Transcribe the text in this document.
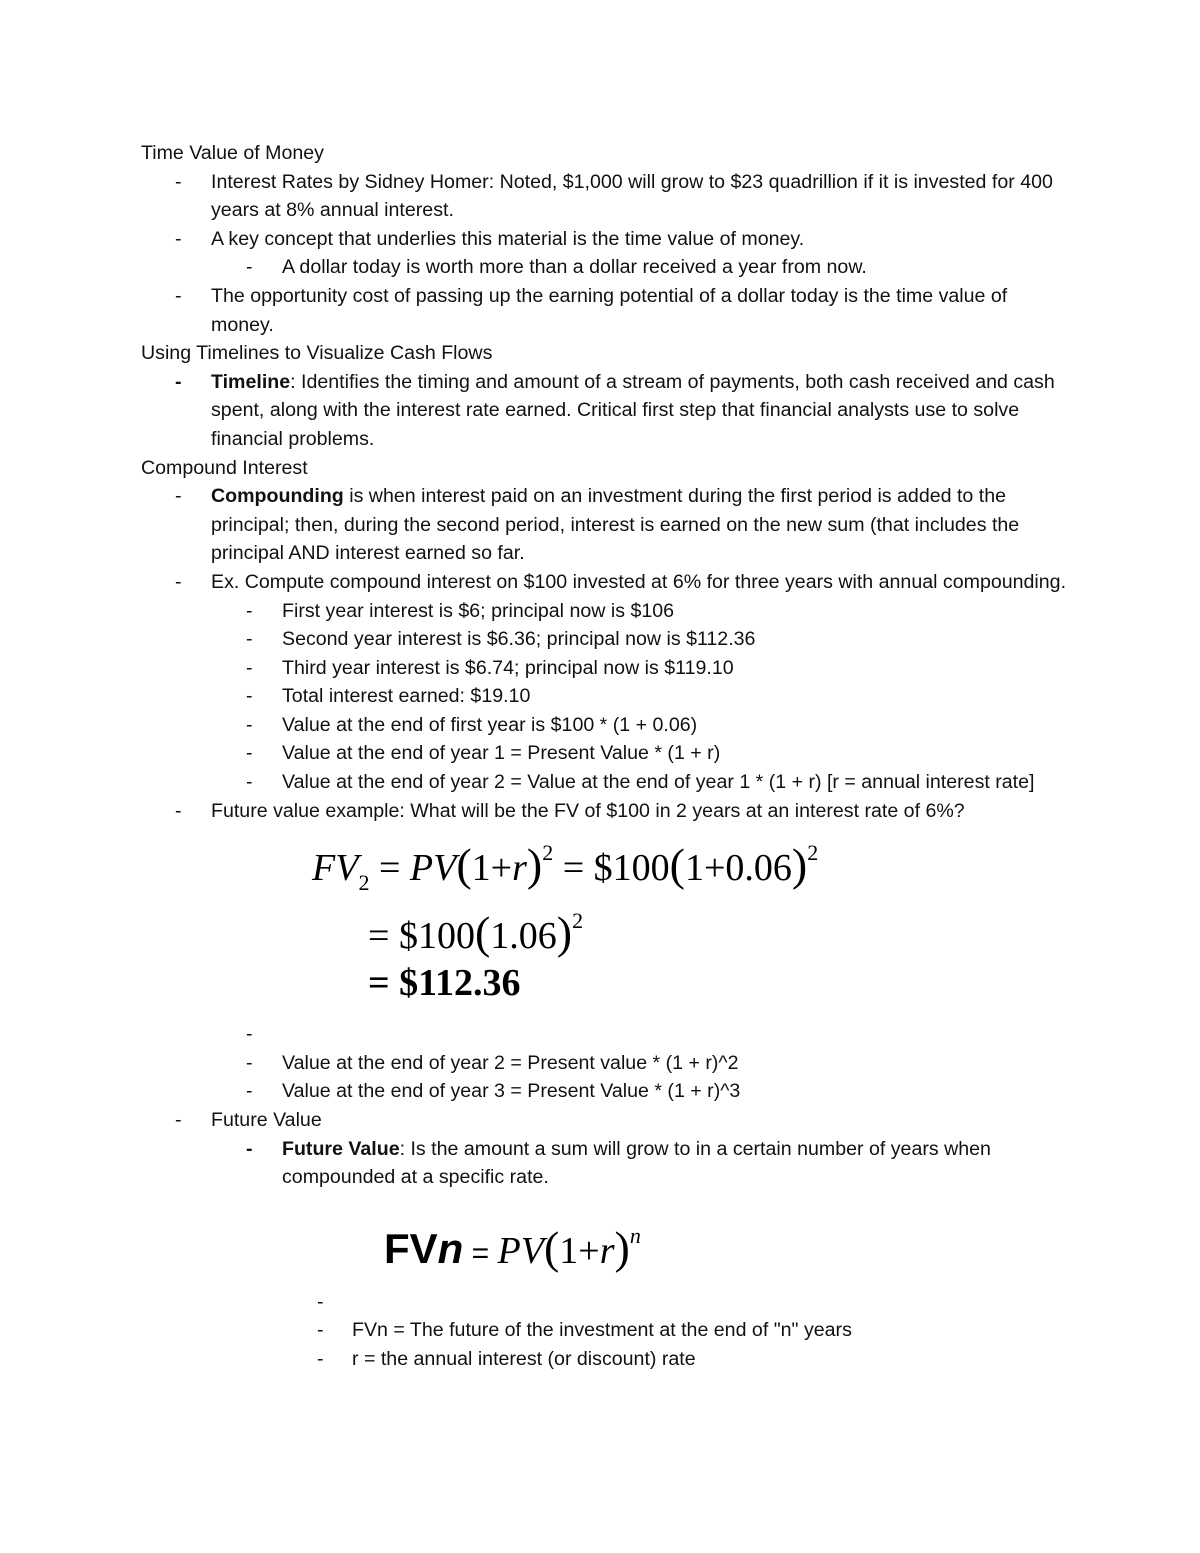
Time Value of Money

- Interest Rates by Sidney Homer: Noted, $1,000 will grow to $23 quadrillion if it is invested for 400 years at 8% annual interest.

- A key concept that underlies this material is the time value of money.

- A dollar today is worth more than a dollar received a year from now.

- The opportunity cost of passing up the earning potential of a dollar today is the time value of money.

Using Timelines to Visualize Cash Flows

- Timeline: Identifies the timing and amount of a stream of payments, both cash received and cash spent, along with the interest rate earned. Critical first step that financial analysts use to solve financial problems.

Compound Interest

- Compounding is when interest paid on an investment during the first period is added to the principal; then, during the second period, interest is earned on the new sum (that includes the principal AND interest earned so far.

- Ex. Compute compound interest on $100 invested at 6% for three years with annual compounding.

- First year interest is $6; principal now is $106

- Second year interest is $6.36; principal now is $112.36

- Third year interest is $6.74; principal now is $119.10

- Total interest earned: $19.10

- Value at the end of first year is $100 * (1 + 0.06)

- Value at the end of year 1 = Present Value * (1 + r)

- Value at the end of year 2 = Value at the end of year 1 * (1 + r) [r = annual interest rate]

- Future value example: What will be the FV of $100 in 2 years at an interest rate of 6%?

$FV_2 = PV(1+r)^2$ = $\$100(1+0.06)^2$
= $\$100(1.06)^2$
= $112.36

-

- Value at the end of year 2 = Present value * (1 + r)^2

- Value at the end of year 3 = Present Value * (1 + r)^3

- Future Value

- Future Value: Is the amount a sum will grow to in a certain number of years when compounded at a specific rate.

FVn = $PV(1+r)^n$

-

- FVn = The future of the investment at the end of "n" years

- r = the annual interest (or discount) rate
